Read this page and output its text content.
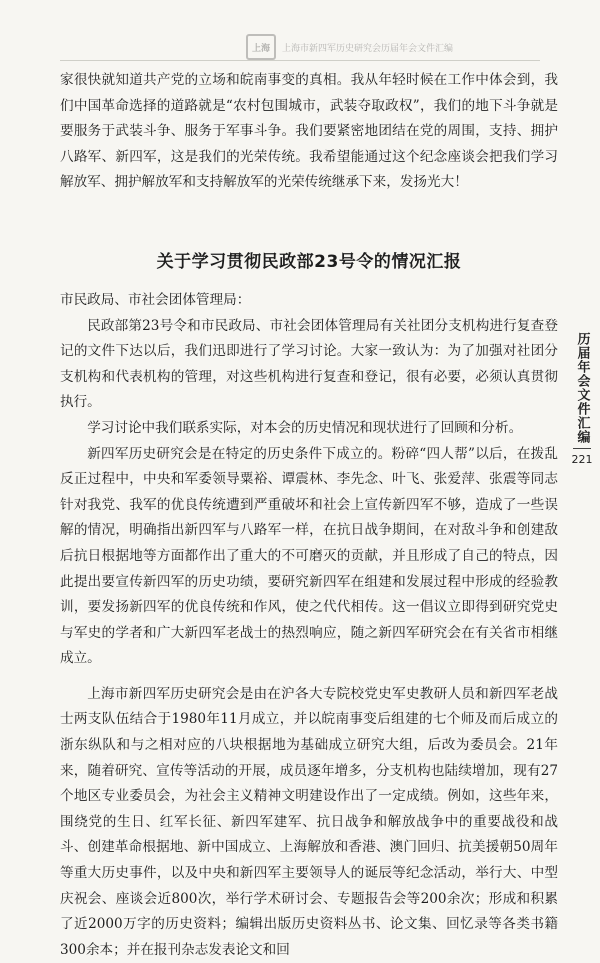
上海	上海市新四军历史研究会历届年会文件汇编

家很快就知道共产党的立场和皖南事变的真相。我从年轻时候在工作中体会到，我们中国革命选择的道路就是“农村包围城市，武装夺取政权”，我们的地下斗争就是要服务于武装斗争、服务于军事斗争。我们要紧密地团结在党的周围，支持、拥护八路军、新四军，这是我们的光荣传统。我希望能通过这个纪念座谈会把我们学习解放军、拥护解放军和支持解放军的光荣传统继承下来，发扬光大！

关于学习贯彻民政部23号令的情况汇报

市民政局、市社会团体管理局：

民政部第23号令和市民政局、市社会团体管理局有关社团分支机构进行复查登记的文件下达以后，我们迅即进行了学习讨论。大家一致认为：为了加强对社团分支机构和代表机构的管理，对这些机构进行复查和登记，很有必要，必须认真贯彻执行。

学习讨论中我们联系实际，对本会的历史情况和现状进行了回顾和分析。

新四军历史研究会是在特定的历史条件下成立的。粉碎“四人帮”以后，在拨乱反正过程中，中央和军委领导粟裕、谭震林、李先念、叶飞、张爱萍、张震等同志针对我党、我军的优良传统遭到严重破坏和社会上宣传新四军不够，造成了一些误解的情况，明确指出新四军与八路军一样，在抗日战争期间，在对敌斗争和创建敌后抗日根据地等方面都作出了重大的不可磨灭的贡献，并且形成了自己的特点，因此提出要宣传新四军的历史功绩，要研究新四军在组建和发展过程中形成的经验教训，要发扬新四军的优良传统和作风，使之代代相传。这一倡议立即得到研究党史与军史的学者和广大新四军老战士的热烈响应，随之新四军研究会在有关省市相继成立。

上海市新四军历史研究会是由在沪各大专院校党史军史教研人员和新四军老战士两支队伍结合于1980年11月成立，并以皖南事变后组建的七个师及而后成立的浙东纵队和与之相对应的八块根据地为基础成立研究大组，后改为委员会。21年来，随着研究、宣传等活动的开展，成员逐年增多，分支机构也陆续增加，现有27个地区专业委员会，为社会主义精神文明建设作出了一定成绩。例如，这些年来，围绕党的生日、红军长征、新四军建军、抗日战争和解放战争中的重要战役和战斗、创建革命根据地、新中国成立、上海解放和香港、澳门回归、抗美援朝50周年等重大历史事件，以及中央和新四军主要领导人的诞辰等纪念活动，举行大、中型庆祝会、座谈会近800次，举行学术研讨会、专题报告会等200余次；形成和积累了近2000万字的历史资料；编辑出版历史资料丛书、论文集、回忆录等各类书籍300余本；并在报刊杂志发表论文和回

历届年会文件汇编
221
